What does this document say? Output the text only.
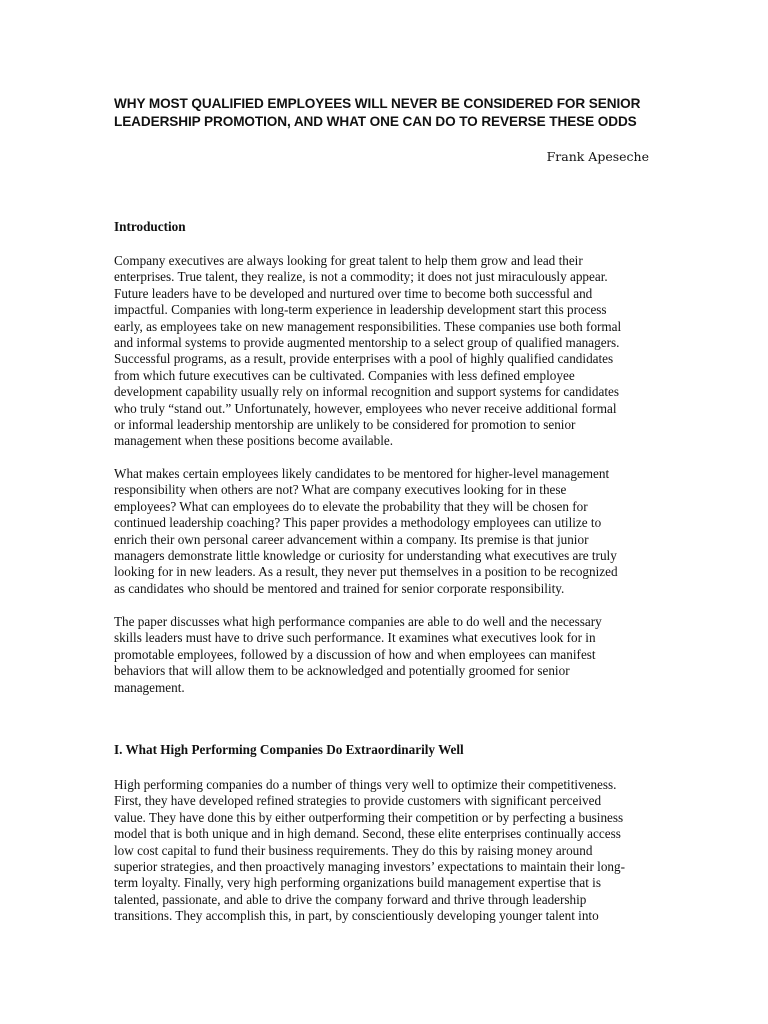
WHY MOST QUALIFIED EMPLOYEES WILL NEVER BE CONSIDERED FOR SENIOR
LEADERSHIP PROMOTION, AND WHAT ONE CAN DO TO REVERSE THESE ODDS

Frank Apeseche

Introduction

Company executives are always looking for great talent to help them grow and lead their
enterprises. True talent, they realize, is not a commodity; it does not just miraculously appear.
Future leaders have to be developed and nurtured over time to become both successful and
impactful. Companies with long-term experience in leadership development start this process
early, as employees take on new management responsibilities. These companies use both formal
and informal systems to provide augmented mentorship to a select group of qualified managers.
Successful programs, as a result, provide enterprises with a pool of highly qualified candidates
from which future executives can be cultivated. Companies with less defined employee
development capability usually rely on informal recognition and support systems for candidates
who truly “stand out.” Unfortunately, however, employees who never receive additional formal
or informal leadership mentorship are unlikely to be considered for promotion to senior
management when these positions become available.

What makes certain employees likely candidates to be mentored for higher-level management
responsibility when others are not? What are company executives looking for in these
employees? What can employees do to elevate the probability that they will be chosen for
continued leadership coaching? This paper provides a methodology employees can utilize to
enrich their own personal career advancement within a company. Its premise is that junior
managers demonstrate little knowledge or curiosity for understanding what executives are truly
looking for in new leaders. As a result, they never put themselves in a position to be recognized
as candidates who should be mentored and trained for senior corporate responsibility.

The paper discusses what high performance companies are able to do well and the necessary
skills leaders must have to drive such performance. It examines what executives look for in
promotable employees, followed by a discussion of how and when employees can manifest
behaviors that will allow them to be acknowledged and potentially groomed for senior
management.

I. What High Performing Companies Do Extraordinarily Well

High performing companies do a number of things very well to optimize their competitiveness.
First, they have developed refined strategies to provide customers with significant perceived
value. They have done this by either outperforming their competition or by perfecting a business
model that is both unique and in high demand. Second, these elite enterprises continually access
low cost capital to fund their business requirements. They do this by raising money around
superior strategies, and then proactively managing investors’ expectations to maintain their long-
term loyalty. Finally, very high performing organizations build management expertise that is
talented, passionate, and able to drive the company forward and thrive through leadership
transitions. They accomplish this, in part, by conscientiously developing younger talent into
